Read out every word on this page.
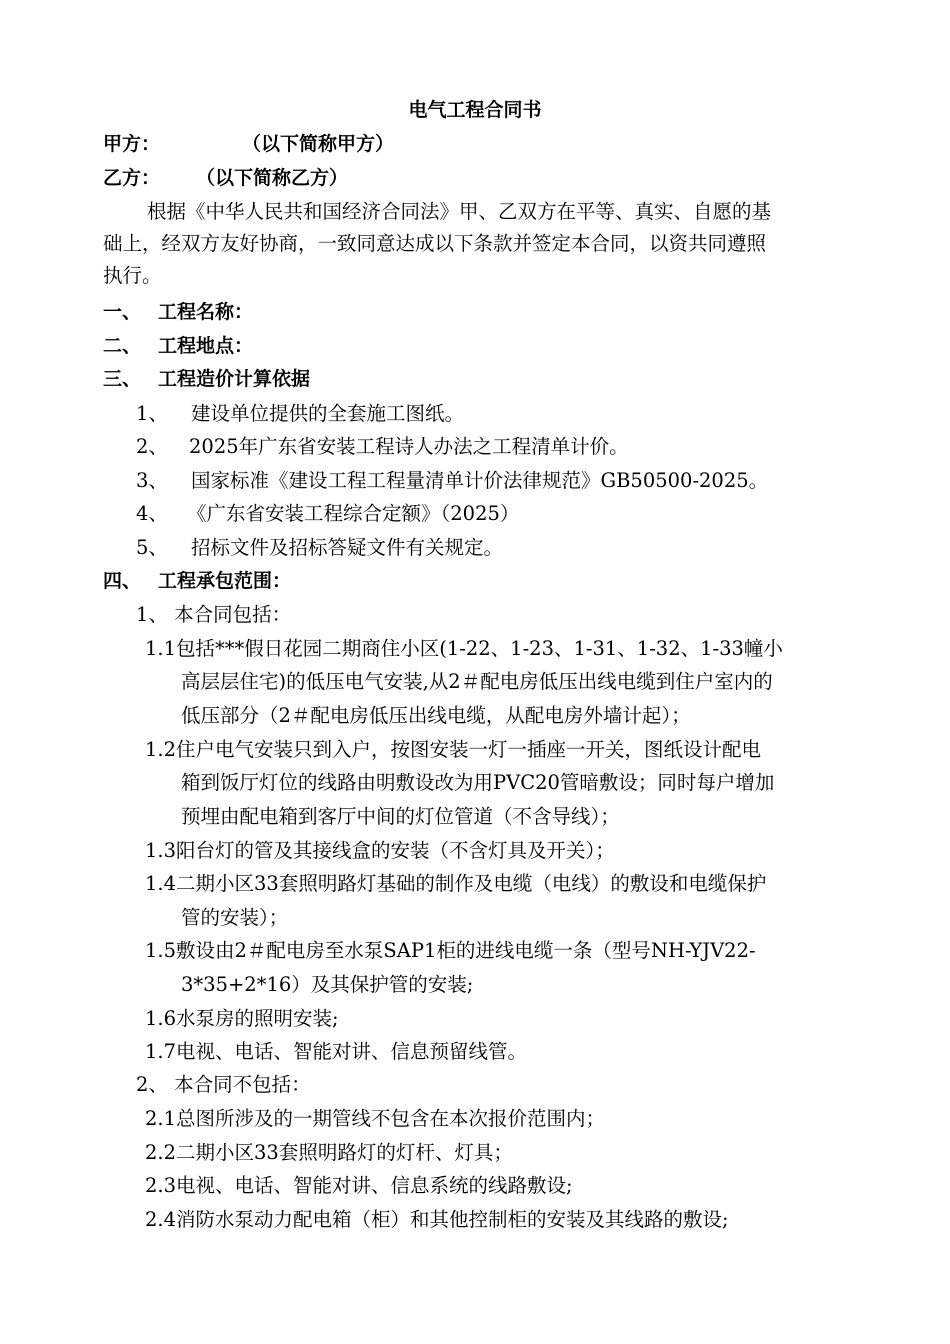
电气工程合同书
甲方：	（以下简称甲方）
乙方： （以下简称乙方）
根据《中华人民共和国经济合同法》甲、乙双方在平等、真实、自愿的基
础上，经双方友好协商，一致同意达成以下条款并签定本合同，以资共同遵照
执行。
一、 工程名称：
二、 工程地点：
三、 工程造价计算依据
1、 建设单位提供的全套施工图纸。
2、 2025年广东省安装工程诗人办法之工程清单计价。
3、 国家标准《建设工程工程量清单计价法律规范》GB50500-2025。
4、 《广东省安装工程综合定额》（2025）
5、 招标文件及招标答疑文件有关规定。
四、 工程承包范围：
1、 本合同包括：
1.1包括***假日花园二期商住小区(1-22、1-23、1-31、1-32、1-33幢小
高层层住宅)的低压电气安装,从2＃配电房低压出线电缆到住户室内的
低压部分（2＃配电房低压出线电缆，从配电房外墙计起）；
1.2住户电气安装只到入户，按图安装一灯一插座一开关，图纸设计配电
箱到饭厅灯位的线路由明敷设改为用PVC20管暗敷设；同时每户增加
预埋由配电箱到客厅中间的灯位管道（不含导线）；
1.3阳台灯的管及其接线盒的安装（不含灯具及开关）；
1.4二期小区33套照明路灯基础的制作及电缆（电线）的敷设和电缆保护
管的安装）；
1.5敷设由2＃配电房至水泵SAP1柜的进线电缆一条（型号NH-YJV22-
3*35+2*16）及其保护管的安装;
1.6水泵房的照明安装;
1.7电视、电话、智能对讲、信息预留线管。
2、 本合同不包括：
2.1总图所涉及的一期管线不包含在本次报价范围内；
2.2二期小区33套照明路灯的灯杆、灯具；
2.3电视、电话、智能对讲、信息系统的线路敷设;
2.4消防水泵动力配电箱（柜）和其他控制柜的安装及其线路的敷设;
